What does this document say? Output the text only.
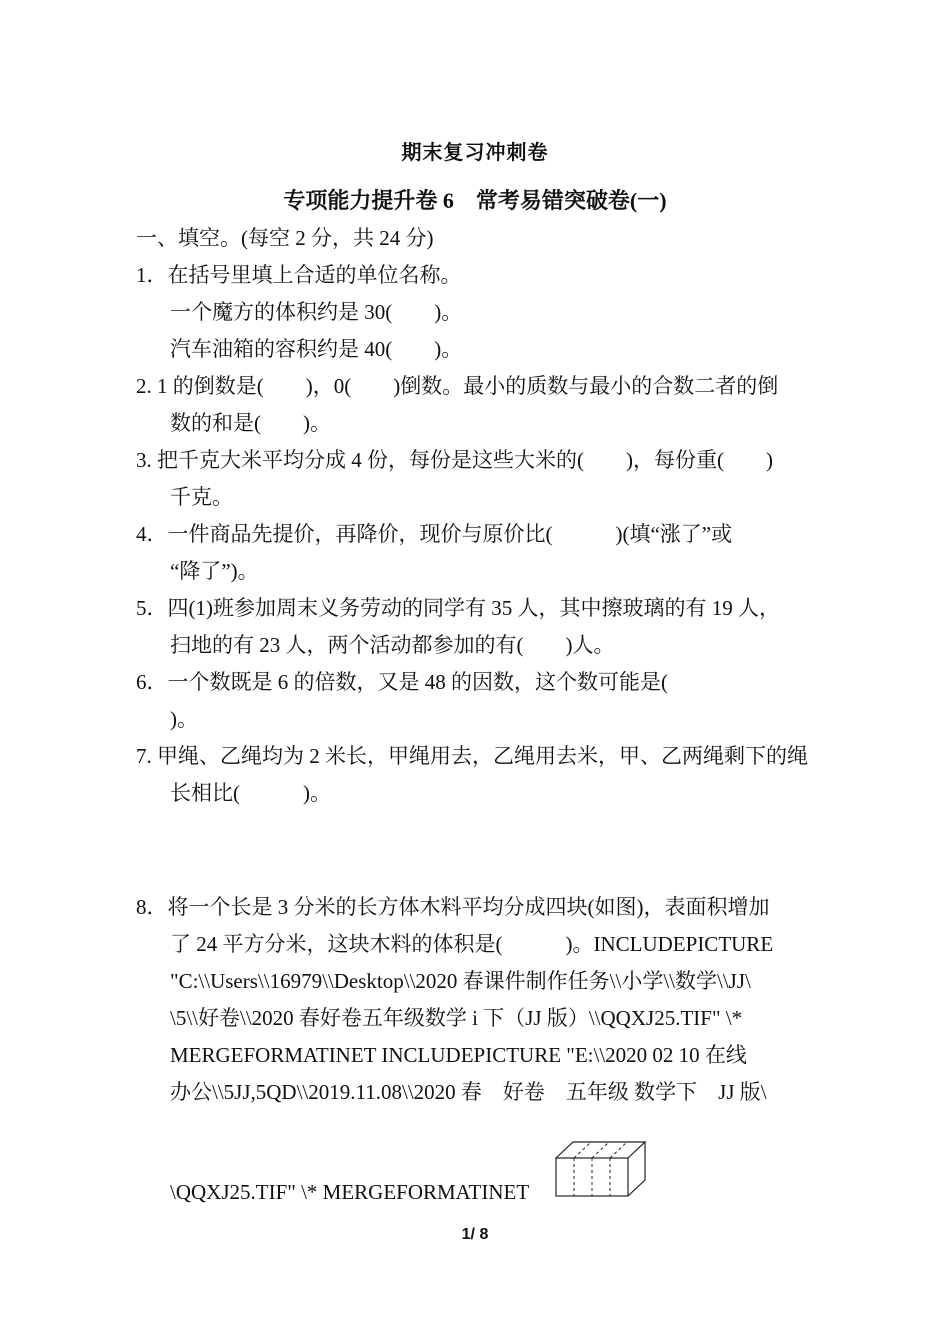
期末复习冲刺卷
专项能力提升卷 6　常考易错突破卷(一)
一、填空。(每空 2 分，共 24 分)
1．在括号里填上合适的单位名称。
一个魔方的体积约是 30(　　)。
汽车油箱的容积约是 40(　　)。
2. 1 的倒数是(　　)，0(　　)倒数。最小的质数与最小的合数二者的倒
数的和是(　　)。
3. 把千克大米平均分成 4 份，每份是这些大米的(　　)，每份重(　　)
千克。
4．一件商品先提价，再降价，现价与原价比(　　　)(填“涨了”或
“降了”)。
5．四(1)班参加周末义务劳动的同学有 35 人，其中擦玻璃的有 19 人，
扫地的有 23 人，两个活动都参加的有(　　)人。
6．一个数既是 6 的倍数，又是 48 的因数，这个数可能是(
)。
7. 甲绳、乙绳均为 2 米长，甲绳用去，乙绳用去米，甲、乙两绳剩下的绳
长相比(　　　)。
8．将一个长是 3 分米的长方体木料平均分成四块(如图)，表面积增加
了 24 平方分米，这块木料的体积是(　　　)。INCLUDEPICTURE
"C:\\Users\\16979\\Desktop\\2020 春课件制作任务\\小学\\数学\\JJ\
\5\\好卷\\2020 春好卷五年级数学 i 下（JJ 版）\\QQXJ25.TIF" \*
MERGEFORMATINET INCLUDEPICTURE "E:\\2020 02 10 在线
办公\\5JJ,5QD\\2019.11.08\\2020 春　好卷　五年级 数学下　JJ 版\
\QQXJ25.TIF" \* MERGEFORMATINET
1/ 8
